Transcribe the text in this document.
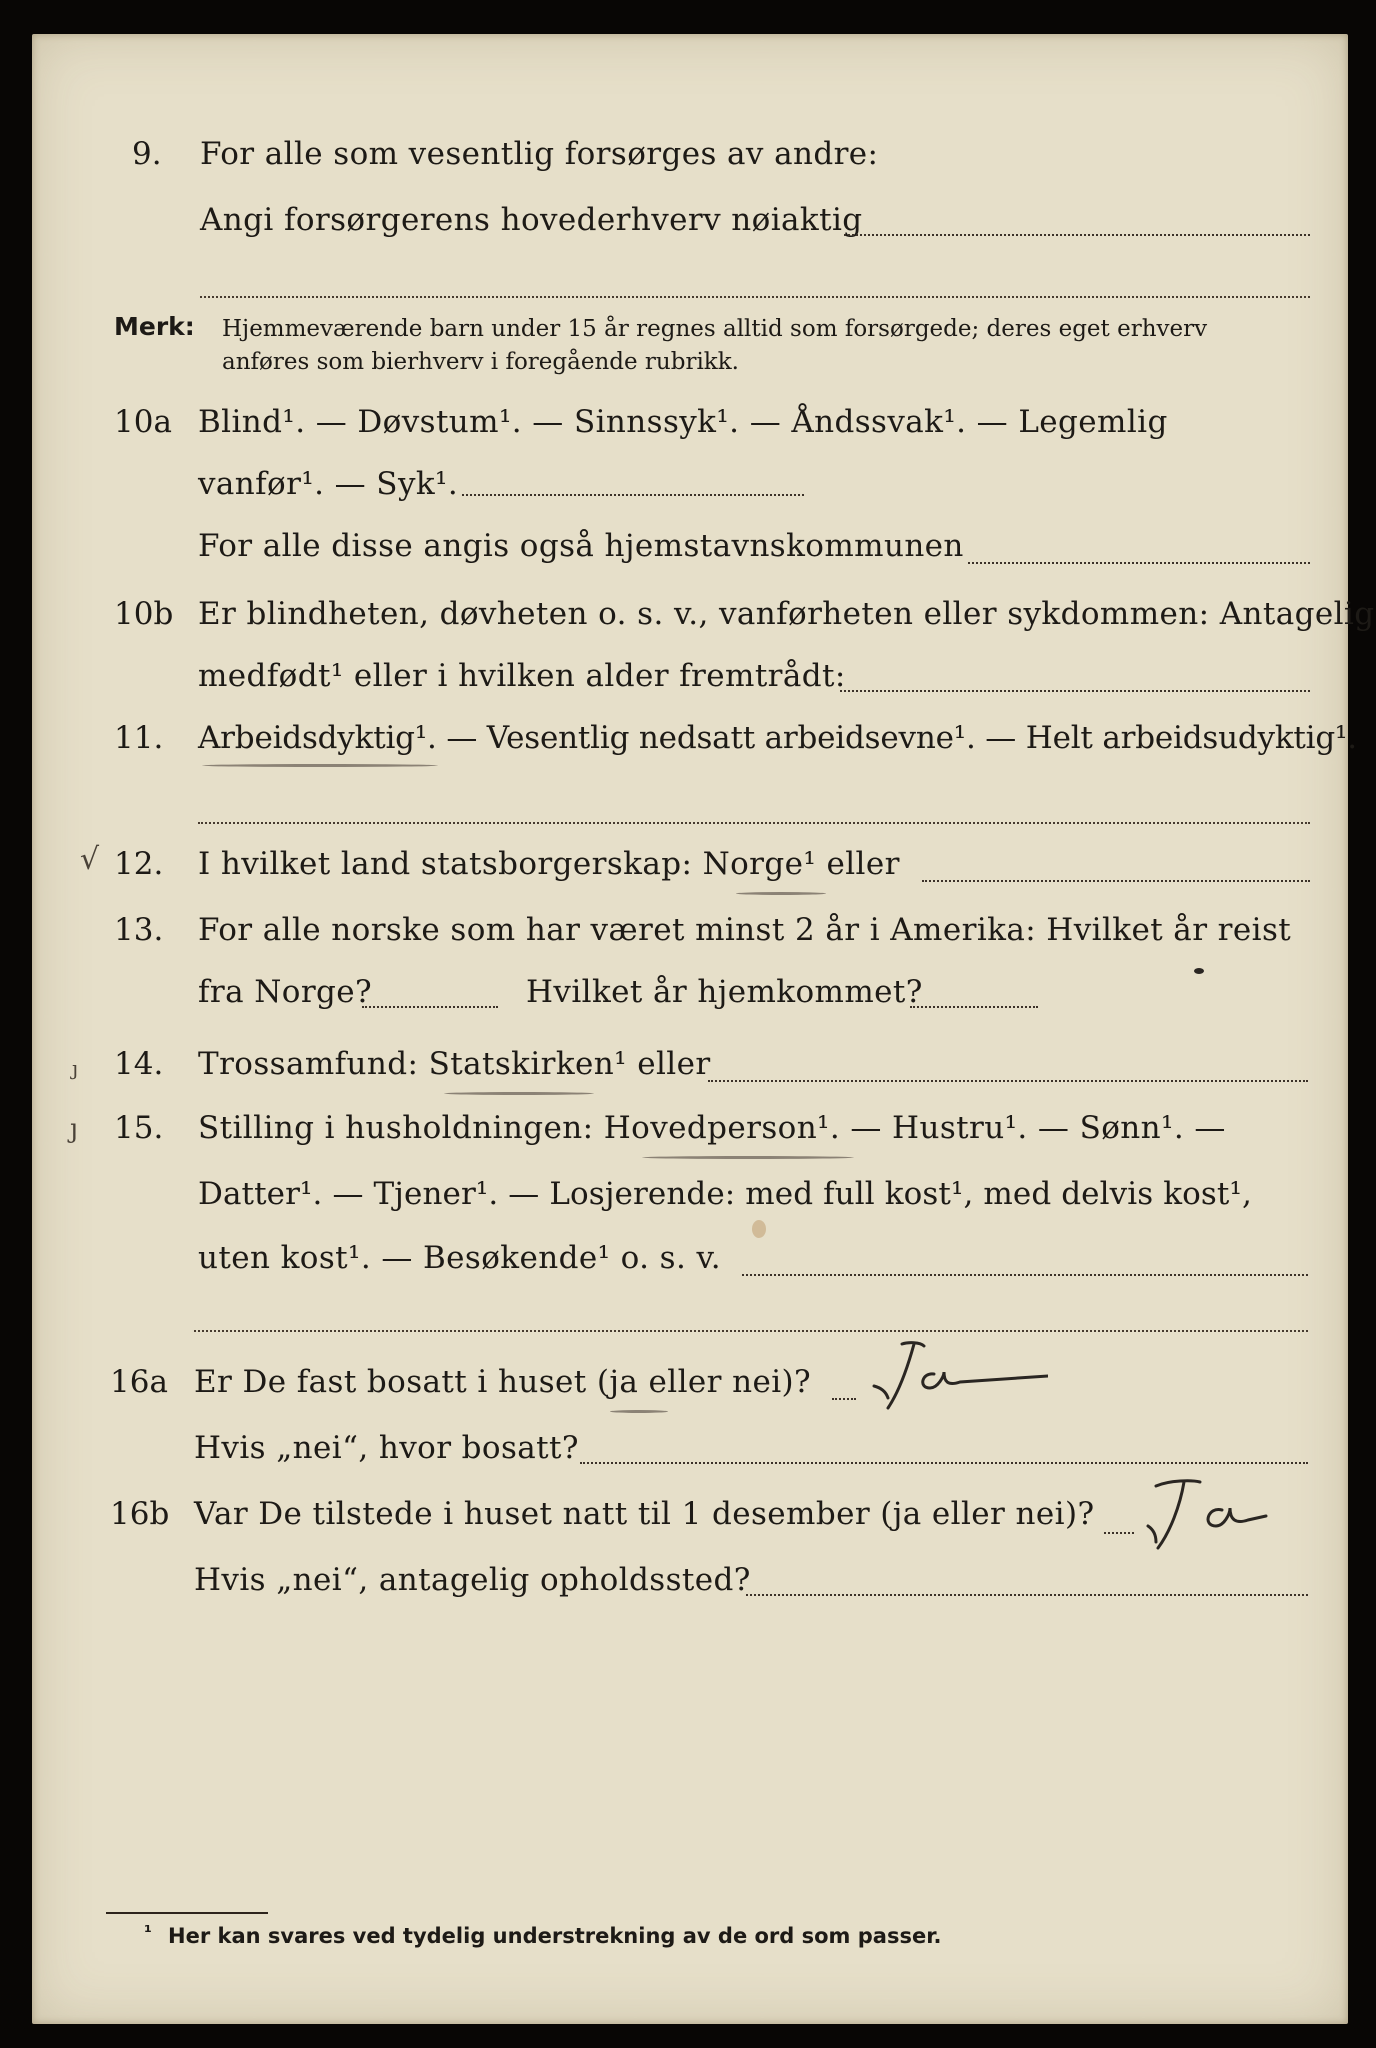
9. For alle som vesentlig forsørges av andre:
Angi forsørgerens hovederhverv nøiaktig
Merk: Hjemmeværende barn under 15 år regnes alltid som forsørgede; deres eget erhverv
anføres som bierhverv i foregående rubrikk.
10a Blind¹. — Døvstum¹. — Sinnssyk¹. — Åndssvak¹. — Legemlig
vanfør¹. — Syk¹.
For alle disse angis også hjemstavnskommunen
10b Er blindheten, døvheten o. s. v., vanførheten eller sykdommen: Antagelig
medfødt¹ eller i hvilken alder fremtrådt:
11. Arbeidsdyktig¹. — Vesentlig nedsatt arbeidsevne¹. — Helt arbeidsudyktig¹.
√ 12. I hvilket land statsborgerskap: Norge¹ eller
13. For alle norske som har været minst 2 år i Amerika: Hvilket år reist
fra Norge?	Hvilket år hjemkommet?
ȷ 14. Trossamfund: Statskirken¹ eller
ȷ 15. Stilling i husholdningen: Hovedperson¹. — Hustru¹. — Sønn¹. —
Datter¹. — Tjener¹. — Losjerende: med full kost¹, med delvis kost¹,
uten kost¹. — Besøkende¹ o. s. v.
16a Er De fast bosatt i huset (ja eller nei)?
Hvis „nei“, hvor bosatt?
16b Var De tilstede i huset natt til 1 desember (ja eller nei)?
Hvis „nei“, antagelig opholdssted?
¹ Her kan svares ved tydelig understrekning av de ord som passer.
